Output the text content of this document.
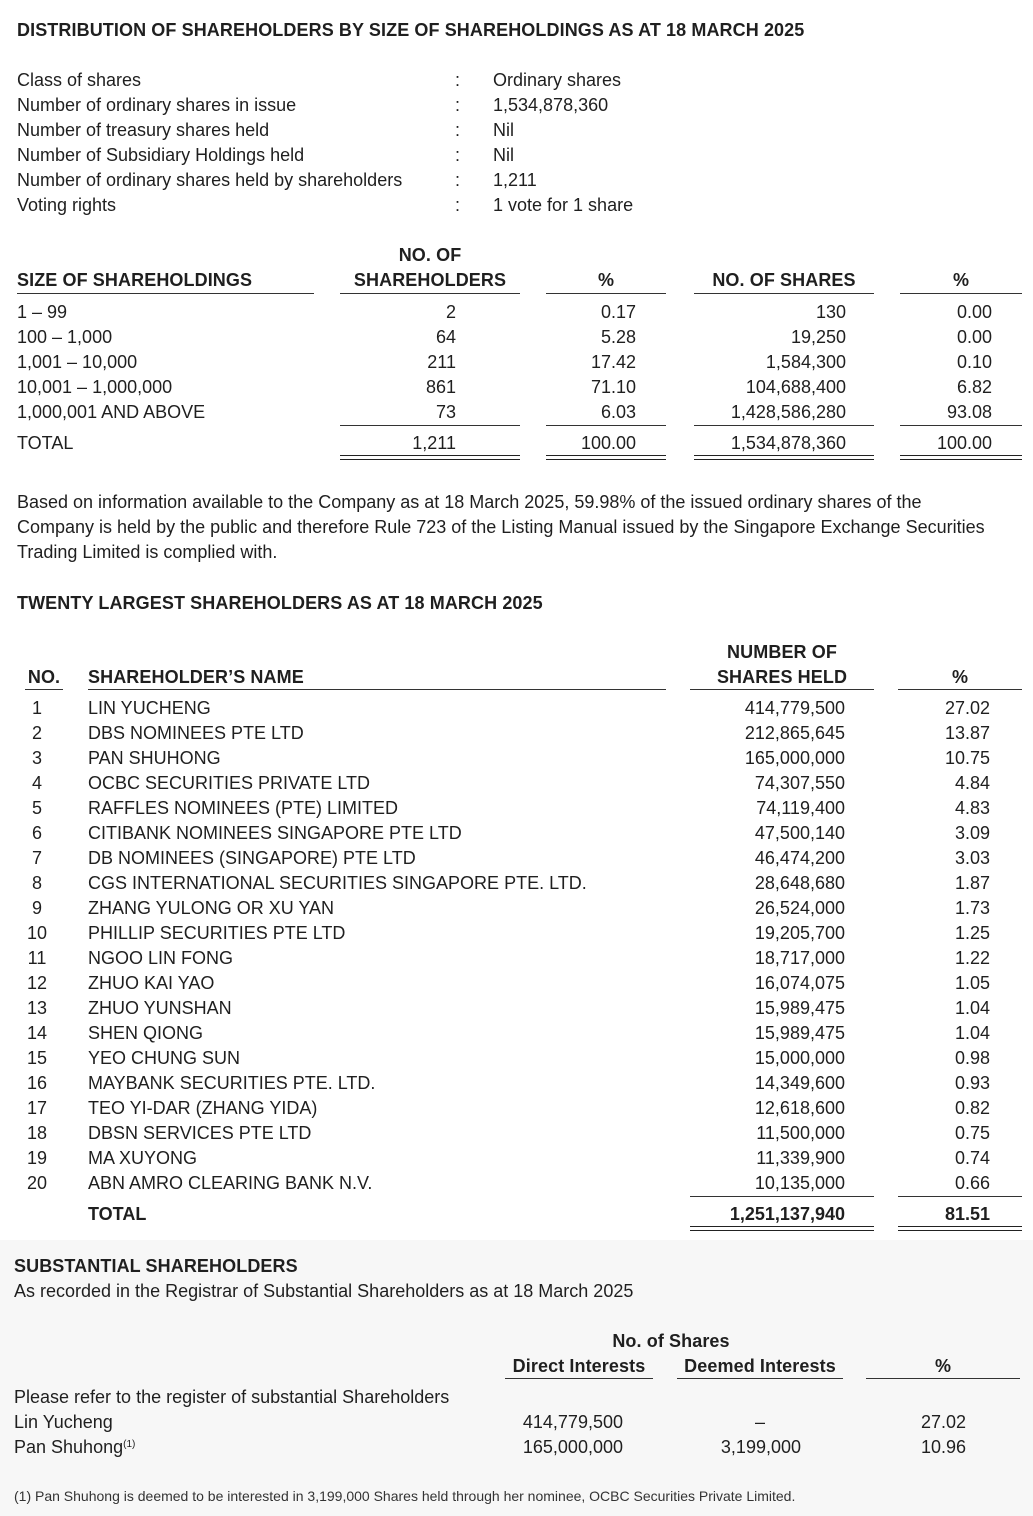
DISTRIBUTION OF SHAREHOLDERS BY SIZE OF SHAREHOLDINGS AS AT 18 MARCH 2025
Class of shares	: Ordinary shares
Number of ordinary shares in issue	: 1,534,878,360
Number of treasury shares held	: Nil
Number of Subsidiary Holdings held	: Nil
Number of ordinary shares held by shareholders	: 1,211
Voting rights	: 1 vote for 1 share
SIZE OF SHAREHOLDINGS
NO. OF
SHAREHOLDERS	%	NO. OF SHARES	%
1 – 99	2	0.17	130	0.00
100 – 1,000	64	5.28	19,250	0.00
1,001 – 10,000	211	17.42	1,584,300	0.10
10,001 – 1,000,000	861	71.10	104,688,400	6.82
1,000,001 AND ABOVE	73	6.03	1,428,586,280	93.08
TOTAL	1,211	100.00	1,534,878,360	100.00
Based on information available to the Company as at 18 March 2025, 59.98% of the issued ordinary shares of the
Company is held by the public and therefore Rule 723 of the Listing Manual issued by the Singapore Exchange Securities
Trading Limited is complied with.
TWENTY LARGEST SHAREHOLDERS AS AT 18 MARCH 2025
NO. SHAREHOLDER’S NAME
NUMBER OF
SHARES HELD	%
1	LIN YUCHENG	414,779,500	27.02
2	DBS NOMINEES PTE LTD	212,865,645	13.87
3	PAN SHUHONG	165,000,000	10.75
4	OCBC SECURITIES PRIVATE LTD	74,307,550	4.84
5	RAFFLES NOMINEES (PTE) LIMITED	74,119,400	4.83
6	CITIBANK NOMINEES SINGAPORE PTE LTD	47,500,140	3.09
7	DB NOMINEES (SINGAPORE) PTE LTD	46,474,200	3.03
8	CGS INTERNATIONAL SECURITIES SINGAPORE PTE. LTD.	28,648,680	1.87
9	ZHANG YULONG OR XU YAN	26,524,000	1.73
10	PHILLIP SECURITIES PTE LTD	19,205,700	1.25
11	NGOO LIN FONG	18,717,000	1.22
12	ZHUO KAI YAO	16,074,075	1.05
13	ZHUO YUNSHAN	15,989,475	1.04
14	SHEN QIONG	15,989,475	1.04
15	YEO CHUNG SUN	15,000,000	0.98
16	MAYBANK SECURITIES PTE. LTD.	14,349,600	0.93
17	TEO YI-DAR (ZHANG YIDA)	12,618,600	0.82
18	DBSN SERVICES PTE LTD	11,500,000	0.75
19	MA XUYONG	11,339,900	0.74
20	ABN AMRO CLEARING BANK N.V.	10,135,000	0.66
TOTAL	1,251,137,940	81.51
SUBSTANTIAL SHAREHOLDERS
As recorded in the Registrar of Substantial Shareholders as at 18 March 2025
No. of Shares
Direct Interests	Deemed Interests	%
Please refer to the register of substantial Shareholders
Lin Yucheng	414,779,500	–	27.02
Pan Shuhong$^{(1)}$	165,000,000	3,199,000	10.96
(1) Pan Shuhong is deemed to be interested in 3,199,000 Shares held through her nominee, OCBC Securities Private Limited.
